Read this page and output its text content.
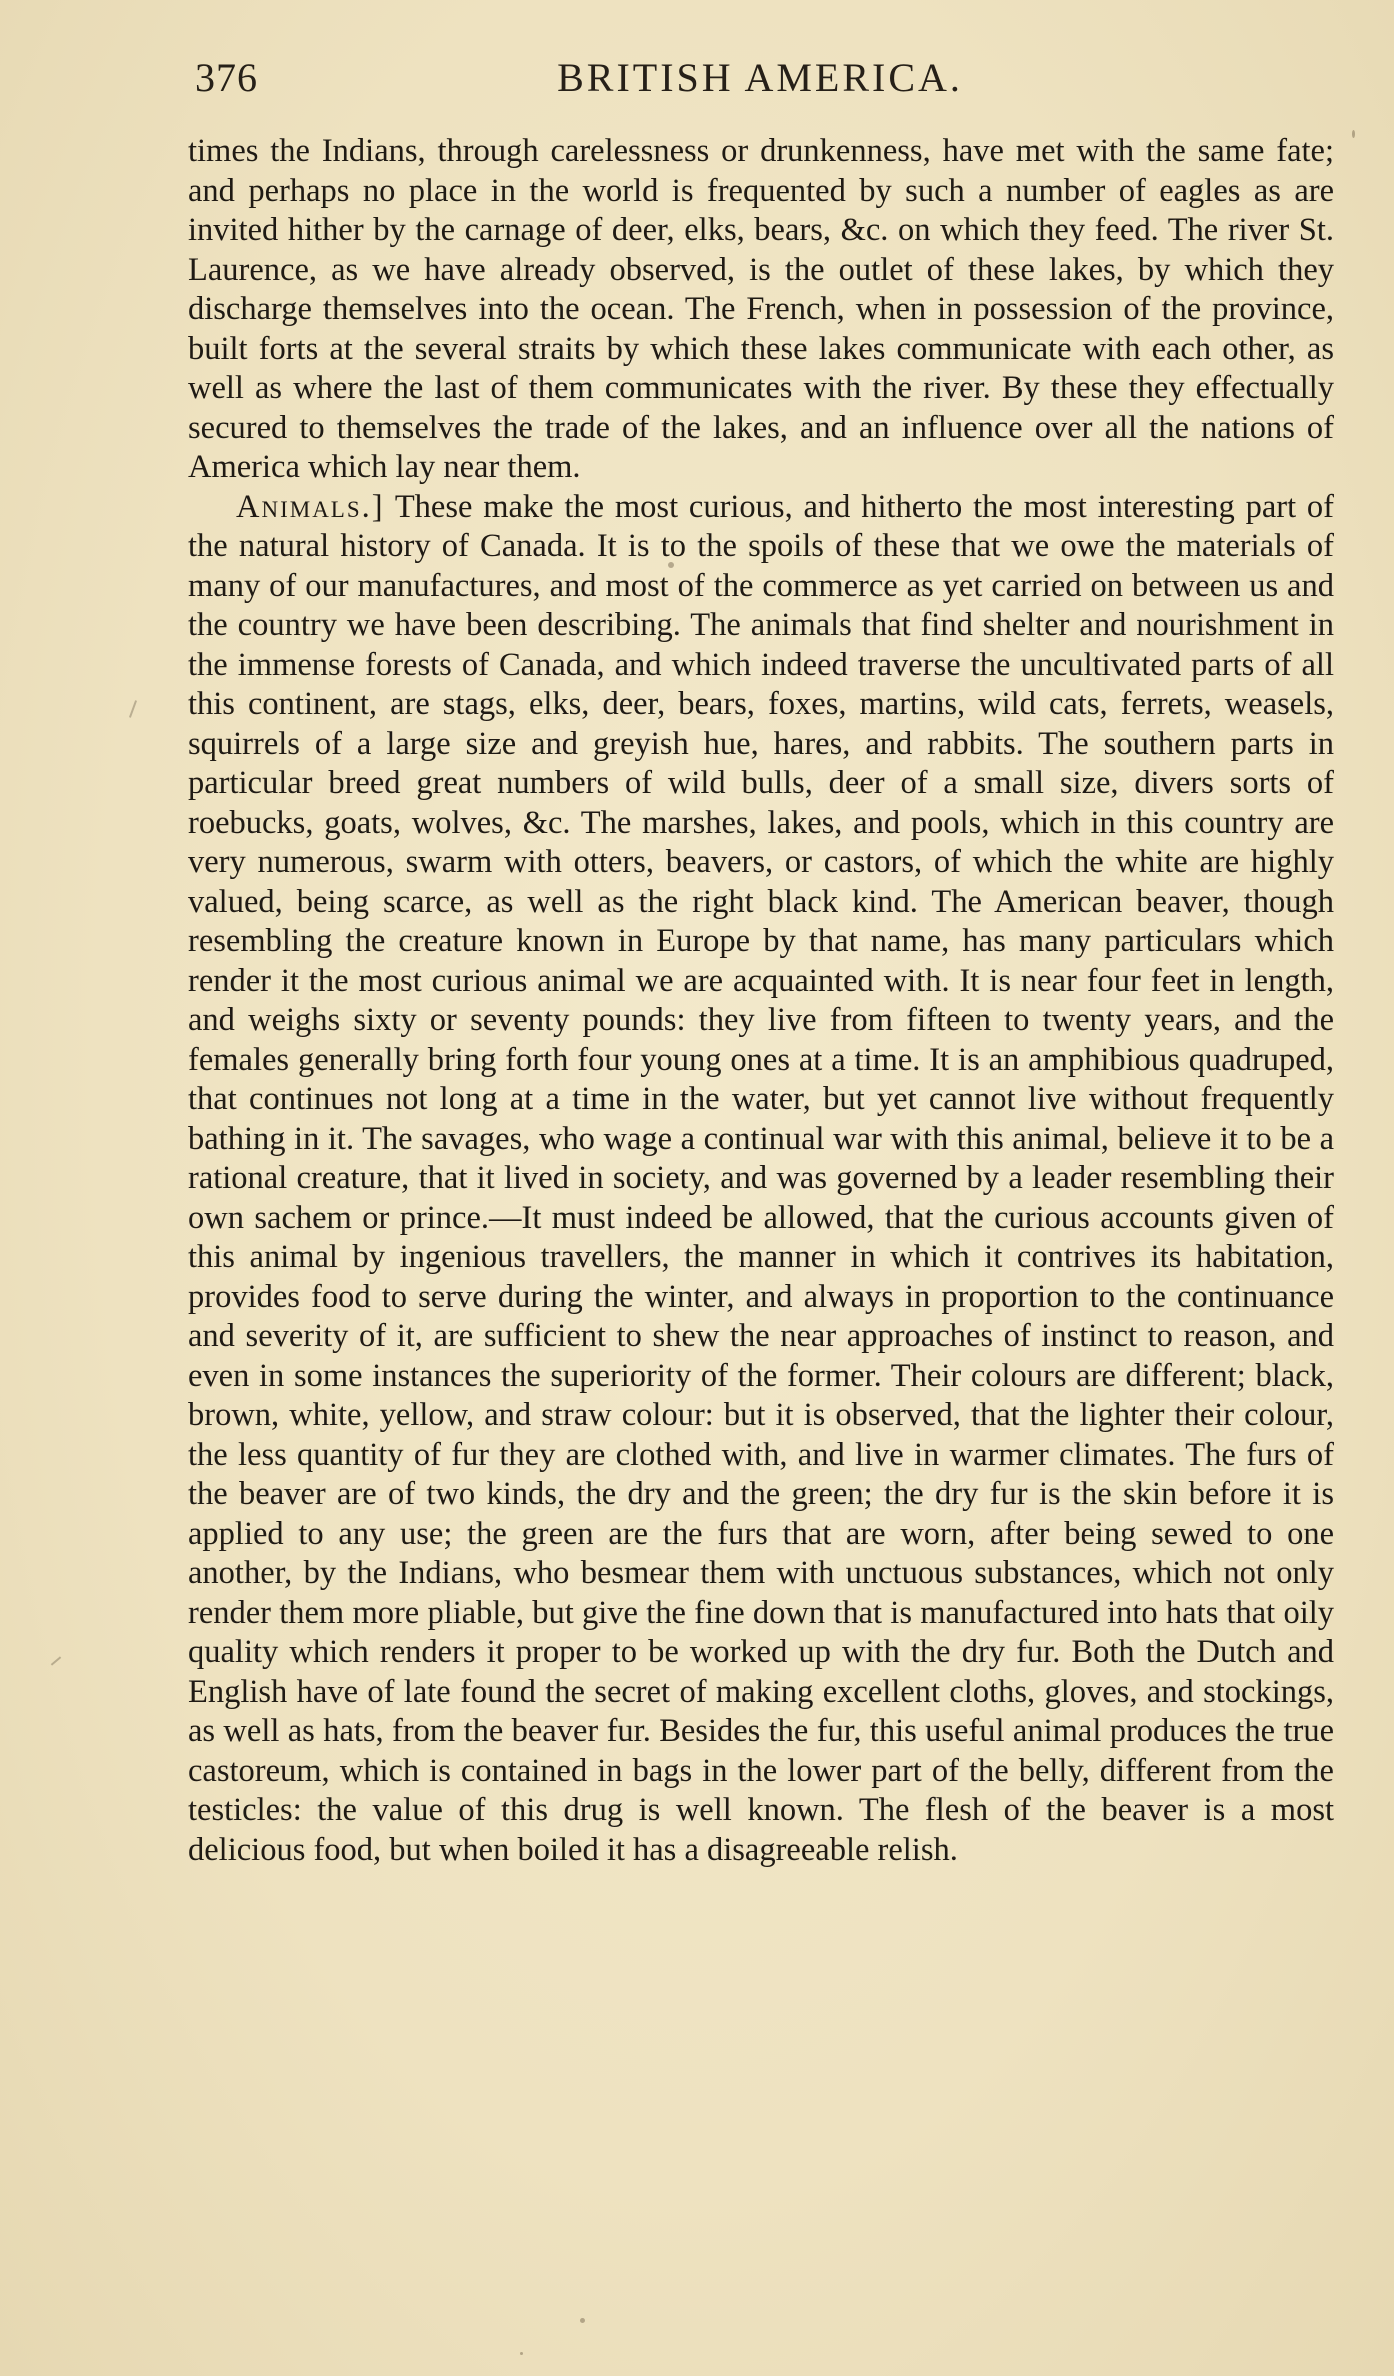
376	BRITISH AMERICA.

times the Indians, through carelessness or drunkenness, have met with the same fate; and perhaps no place in the world is frequented by such a number of eagles as are invited hither by the carnage of deer, elks, bears, &c. on which they feed. The river St. Laurence, as we have already observed, is the outlet of these lakes, by which they discharge themselves into the ocean. The French, when in possession of the province, built forts at the several straits by which these lakes communicate with each other, as well as where the last of them communicates with the river. By these they effectually secured to themselves the trade of the lakes, and an influence over all the nations of America which lay near them.

Animals.] These make the most curious, and hitherto the most interesting part of the natural history of Canada. It is to the spoils of these that we owe the materials of many of our manufactures, and most of the commerce as yet carried on between us and the country we have been describing. The animals that find shelter and nourishment in the immense forests of Canada, and which indeed traverse the uncultivated parts of all this continent, are stags, elks, deer, bears, foxes, martins, wild cats, ferrets, weasels, squirrels of a large size and greyish hue, hares, and rabbits. The southern parts in particular breed great numbers of wild bulls, deer of a small size, divers sorts of roebucks, goats, wolves, &c. The marshes, lakes, and pools, which in this country are very numerous, swarm with otters, beavers, or castors, of which the white are highly valued, being scarce, as well as the right black kind. The American beaver, though resembling the creature known in Europe by that name, has many particulars which render it the most curious animal we are acquainted with. It is near four feet in length, and weighs sixty or seventy pounds: they live from fifteen to twenty years, and the females generally bring forth four young ones at a time. It is an amphibious quadruped, that continues not long at a time in the water, but yet cannot live without frequently bathing in it. The savages, who wage a continual war with this animal, believe it to be a rational creature, that it lived in society, and was governed by a leader resembling their own sachem or prince.—It must indeed be allowed, that the curious accounts given of this animal by ingenious travellers, the manner in which it contrives its habitation, provides food to serve during the winter, and always in proportion to the continuance and severity of it, are sufficient to shew the near approaches of instinct to reason, and even in some instances the superiority of the former. Their colours are different; black, brown, white, yellow, and straw colour: but it is observed, that the lighter their colour, the less quantity of fur they are clothed with, and live in warmer climates. The furs of the beaver are of two kinds, the dry and the green; the dry fur is the skin before it is applied to any use; the green are the furs that are worn, after being sewed to one another, by the Indians, who besmear them with unctuous substances, which not only render them more pliable, but give the fine down that is manufactured into hats that oily quality which renders it proper to be worked up with the dry fur. Both the Dutch and English have of late found the secret of making excellent cloths, gloves, and stockings, as well as hats, from the beaver fur. Besides the fur, this useful animal produces the true castoreum, which is contained in bags in the lower part of the belly, different from the testicles: the value of this drug is well known. The flesh of the beaver is a most delicious food, but when boiled it has a disagreeable relish.
